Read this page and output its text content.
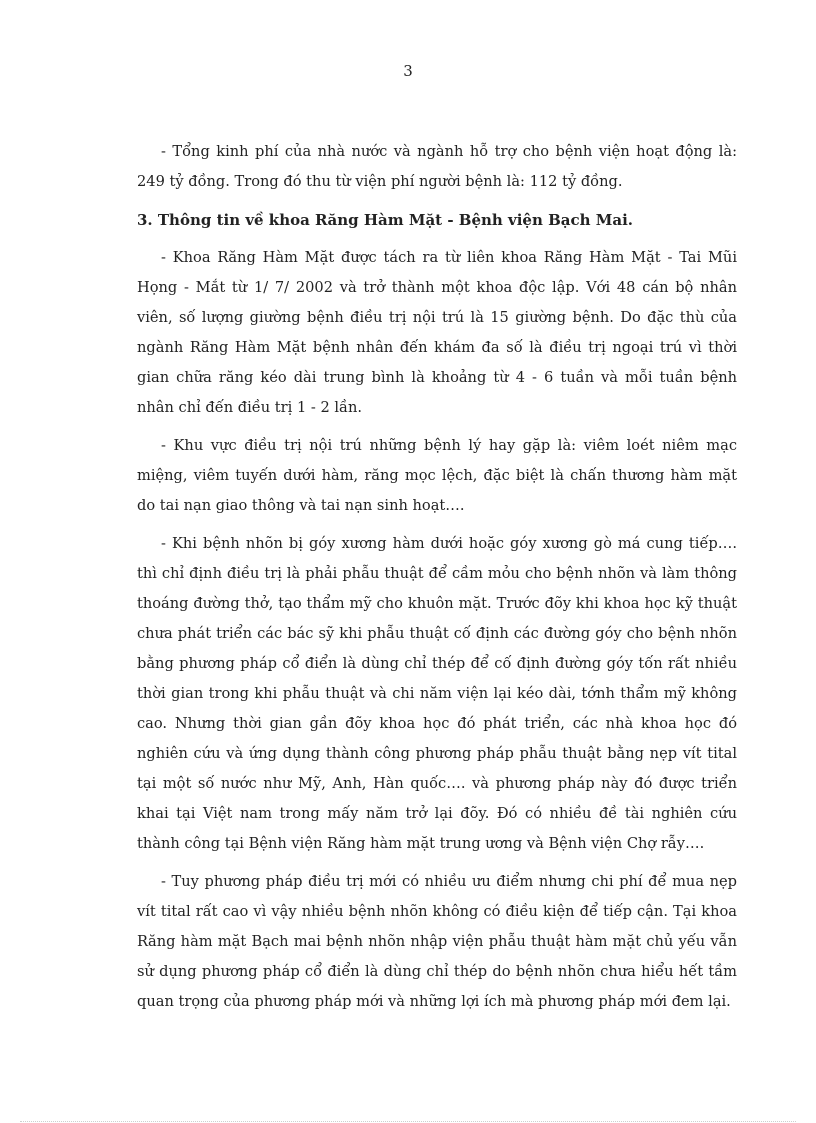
3

- Tổng kinh phí của nhà nước và ngành hỗ trợ cho bệnh viện hoạt động là: 249 tỷ đồng. Trong đó thu từ viện phí người bệnh là: 112 tỷ đồng.

3. Thông tin về khoa Răng Hàm Mặt - Bệnh viện Bạch Mai.

- Khoa Răng Hàm Mặt được tách ra từ liên khoa Răng Hàm Mặt - Tai Mũi Họng - Mắt từ 1/ 7/ 2002 và trở thành một khoa độc lập. Với 48 cán bộ nhân viên, số lượng giường bệnh điều trị nội trú là 15 giường bệnh. Do đặc thù của ngành Răng Hàm Mặt bệnh nhân đến khám đa số là điều trị ngoại trú vì thời gian chữa răng kéo dài trung bình là khoảng từ 4 - 6 tuần và mỗi tuần bệnh nhân chỉ đến điều trị 1 - 2 lần.

- Khu vực điều trị nội trú những bệnh lý hay gặp là: viêm loét niêm mạc miệng, viêm tuyến dưới hàm, răng mọc lệch, đặc biệt là chấn thương hàm mặt do tai nạn giao thông và tai nạn sinh hoạt….

- Khi bệnh nhõn bị góy xương hàm dưới hoặc góy xương gò má cung tiếp…. thì chỉ định điều trị là phải phẫu thuật để cầm mỏu cho bệnh nhõn và làm thông thoáng đường thở, tạo thẩm mỹ cho khuôn mặt. Trước đõy khi khoa học kỹ thuật chưa phát triển các bác sỹ khi phẫu thuật cố định các đường góy cho bệnh nhõn bằng phương pháp cổ điển là dùng chỉ thép để cố định đường góy tốn rất nhiều thời gian trong khi phẫu thuật và chi năm viện lại kéo dài, tớnh thẩm mỹ không cao. Nhưng thời gian gần đõy khoa học đó phát triển, các nhà khoa học đó nghiên cứu và ứng dụng thành công phương pháp phẫu thuật bằng nẹp vít tital tại một số nước như Mỹ, Anh, Hàn quốc…. và phương pháp này đó được triển khai tại Việt nam trong mấy năm trở lại đõy. Đó có nhiều đề tài nghiên cứu thành công tại Bệnh viện Răng hàm mặt trung ương và Bệnh viện Chợ rẫy….

- Tuy phương pháp điều trị mới có nhiều ưu điểm nhưng chi phí để mua nẹp vít tital rất cao vì vậy nhiều bệnh nhõn không có điều kiện để tiếp cận. Tại khoa Răng hàm mặt Bạch mai bệnh nhõn nhập viện phẫu thuật hàm mặt chủ yếu vẫn sử dụng phương pháp cổ điển là dùng chỉ thép do bệnh nhõn chưa hiểu hết tầm quan trọng của phương pháp mới và những lợi ích mà phương pháp mới đem lại.
